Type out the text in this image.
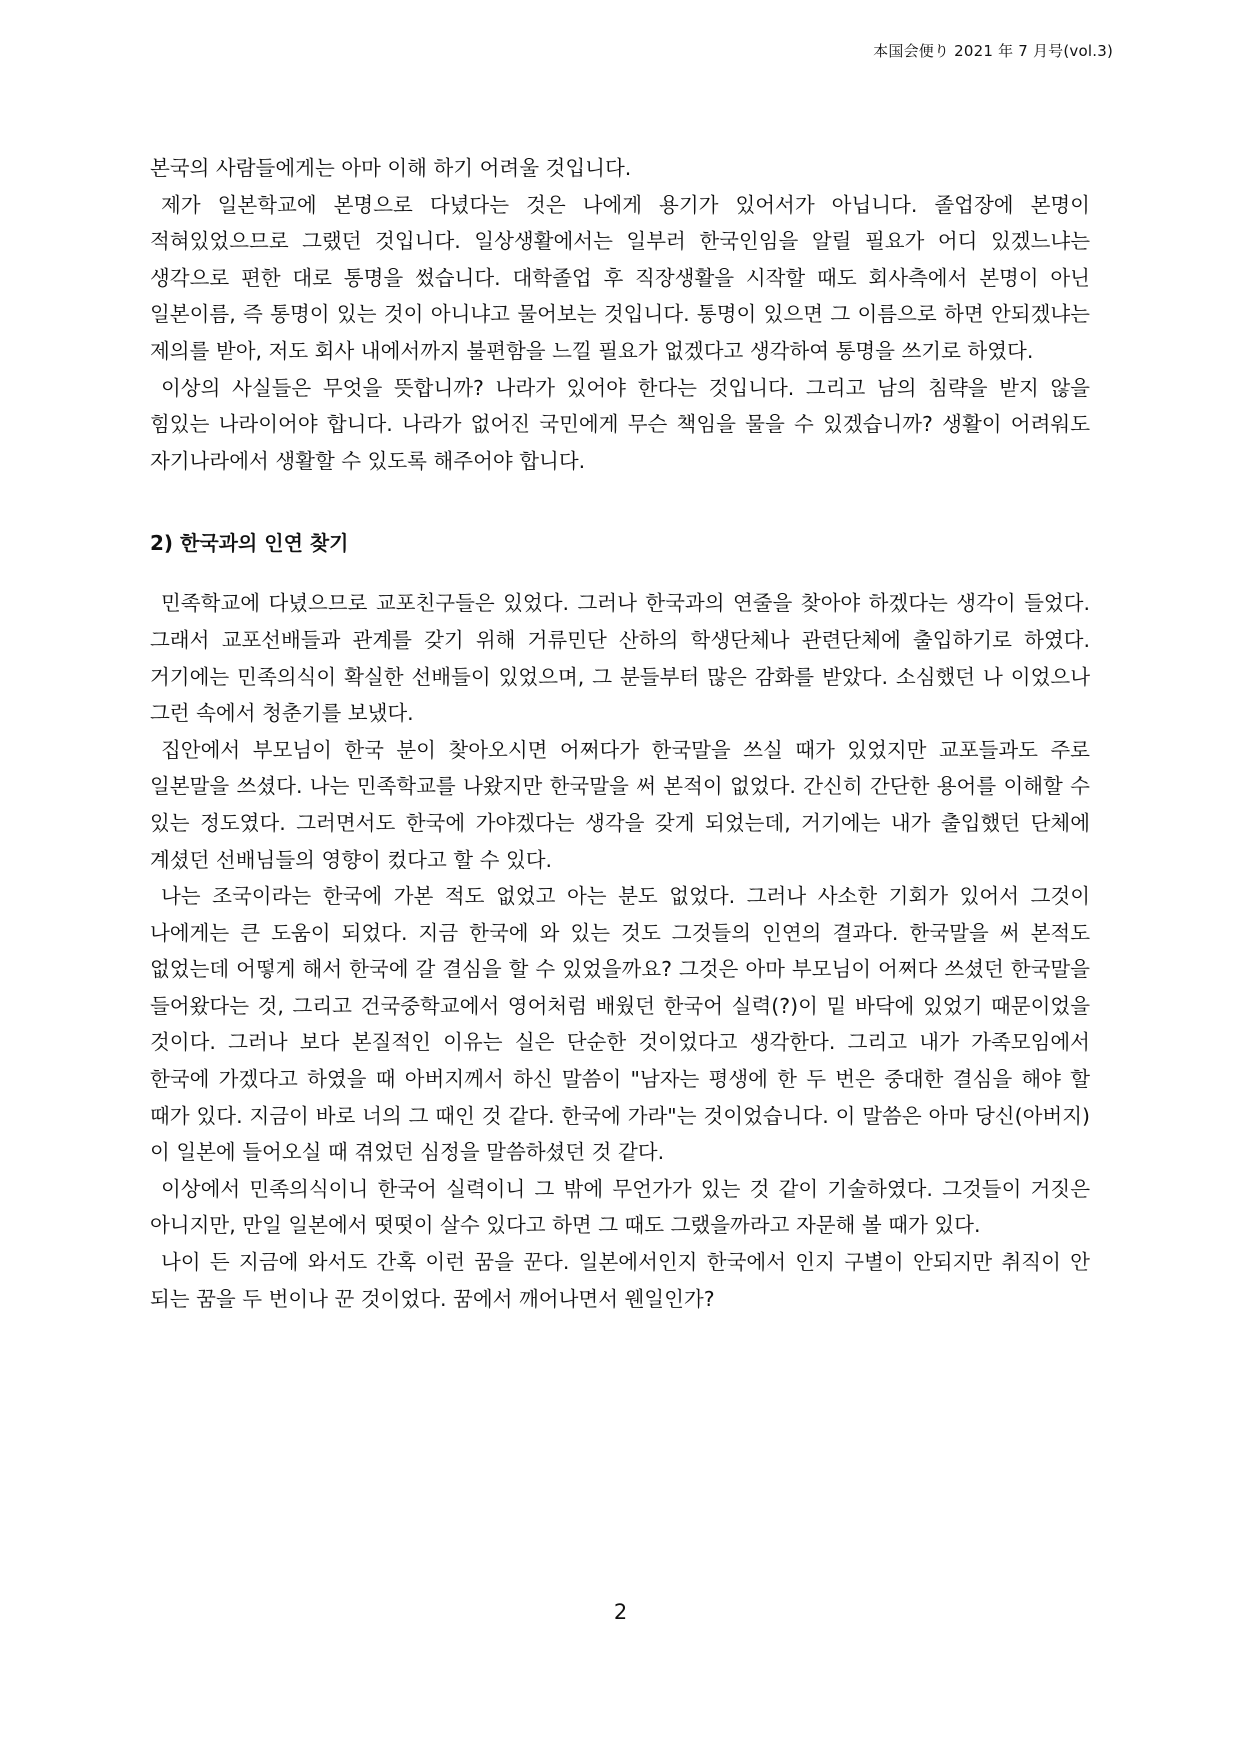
本国会便り 2021 年 7 月号(vol.3)

본국의 사람들에게는 아마 이해 하기 어려울 것입니다.

제가 일본학교에 본명으로 다녔다는 것은 나에게 용기가 있어서가 아닙니다. 졸업장에 본명이 적혀있었으므로 그랬던 것입니다. 일상생활에서는 일부러 한국인임을 알릴 필요가 어디 있겠느냐는 생각으로 편한 대로 통명을 썼습니다. 대학졸업 후 직장생활을 시작할 때도 회사측에서 본명이 아닌 일본이름, 즉 통명이 있는 것이 아니냐고 물어보는 것입니다. 통명이 있으면 그 이름으로 하면 안되겠냐는 제의를 받아, 저도 회사 내에서까지 불편함을 느낄 필요가 없겠다고 생각하여 통명을 쓰기로 하였다.

이상의 사실들은 무엇을 뜻합니까? 나라가 있어야 한다는 것입니다. 그리고 남의 침략을 받지 않을 힘있는 나라이어야 합니다. 나라가 없어진 국민에게 무슨 책임을 물을 수 있겠습니까? 생활이 어려워도 자기나라에서 생활할 수 있도록 해주어야 합니다.

2) 한국과의 인연 찾기

민족학교에 다녔으므로 교포친구들은 있었다. 그러나 한국과의 연줄을 찾아야 하겠다는 생각이 들었다. 그래서 교포선배들과 관계를 갖기 위해 거류민단 산하의 학생단체나 관련단체에 출입하기로 하였다. 거기에는 민족의식이 확실한 선배들이 있었으며, 그 분들부터 많은 감화를 받았다. 소심했던 나 이었으나 그런 속에서 청춘기를 보냈다.

집안에서 부모님이 한국 분이 찾아오시면 어쩌다가 한국말을 쓰실 때가 있었지만 교포들과도 주로 일본말을 쓰셨다. 나는 민족학교를 나왔지만 한국말을 써 본적이 없었다. 간신히 간단한 용어를 이해할 수 있는 정도였다. 그러면서도 한국에 가야겠다는 생각을 갖게 되었는데, 거기에는 내가 출입했던 단체에 계셨던 선배님들의 영향이 컸다고 할 수 있다.

나는 조국이라는 한국에 가본 적도 없었고 아는 분도 없었다. 그러나 사소한 기회가 있어서 그것이 나에게는 큰 도움이 되었다. 지금 한국에 와 있는 것도 그것들의 인연의 결과다. 한국말을 써 본적도 없었는데 어떻게 해서 한국에 갈 결심을 할 수 있었을까요? 그것은 아마 부모님이 어쩌다 쓰셨던 한국말을 들어왔다는 것, 그리고 건국중학교에서 영어처럼 배웠던 한국어 실력(?)이 밑 바닥에 있었기 때문이었을 것이다. 그러나 보다 본질적인 이유는 실은 단순한 것이었다고 생각한다. 그리고 내가 가족모임에서 한국에 가겠다고 하였을 때 아버지께서 하신 말씀이 "남자는 평생에 한 두 번은 중대한 결심을 해야 할 때가 있다. 지금이 바로 너의 그 때인 것 같다. 한국에 가라"는 것이었습니다. 이 말씀은 아마 당신(아버지)이 일본에 들어오실 때 겪었던 심정을 말씀하셨던 것 같다.

이상에서 민족의식이니 한국어 실력이니 그 밖에 무언가가 있는 것 같이 기술하였다. 그것들이 거짓은 아니지만, 만일 일본에서 떳떳이 살수 있다고 하면 그 때도 그랬을까라고 자문해 볼 때가 있다.

나이 든 지금에 와서도 간혹 이런 꿈을 꾼다. 일본에서인지 한국에서 인지 구별이 안되지만 취직이 안 되는 꿈을 두 번이나 꾼 것이었다. 꿈에서 깨어나면서 웬일인가?

2
